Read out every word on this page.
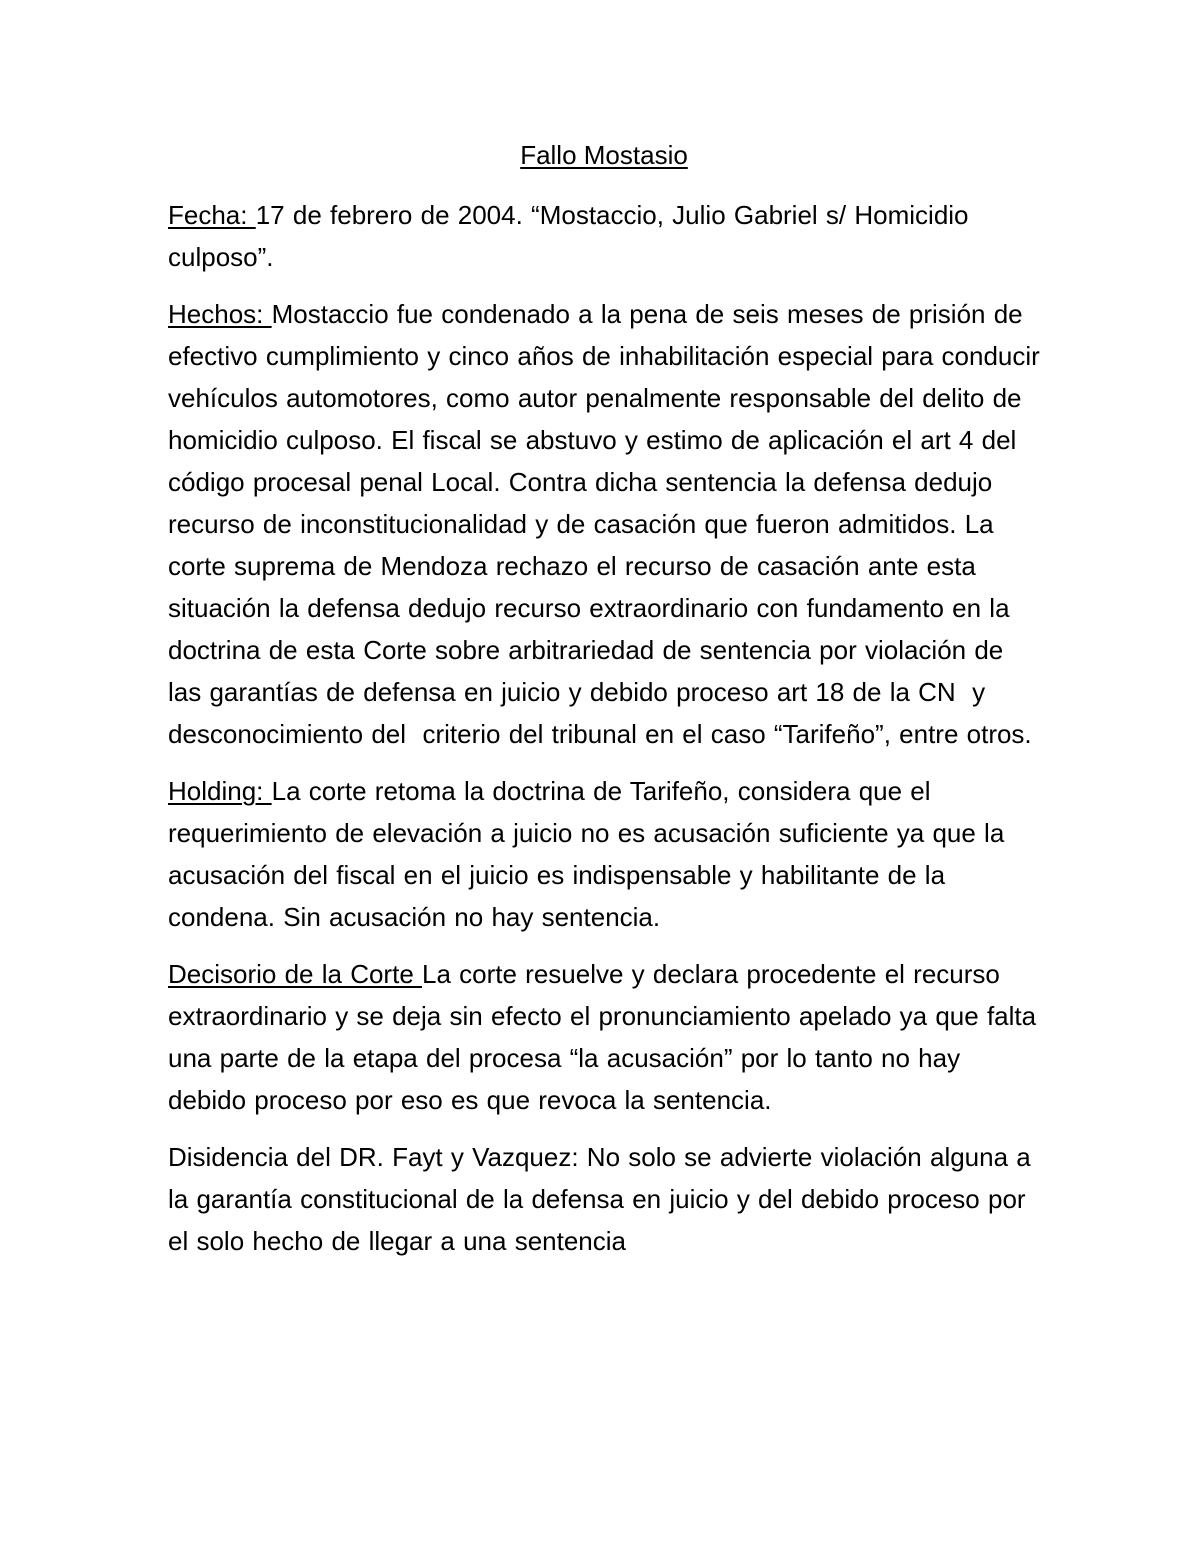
Fallo Mostasio

Fecha: 17 de febrero de 2004. “Mostaccio, Julio Gabriel s/ Homicidio culposo”.

Hechos: Mostaccio fue condenado a la pena de seis meses de prisión de efectivo cumplimiento y cinco años de inhabilitación especial para conducir vehículos automotores, como autor penalmente responsable del delito de homicidio culposo. El fiscal se abstuvo y estimo de aplicación el art 4 del código procesal penal Local. Contra dicha sentencia la defensa dedujo recurso de inconstitucionalidad y de casación que fueron admitidos. La corte suprema de Mendoza rechazo el recurso de casación ante esta situación la defensa dedujo recurso extraordinario con fundamento en la doctrina de esta Corte sobre arbitrariedad de sentencia por violación de las garantías de defensa en juicio y debido proceso art 18 de la CN  y desconocimiento del  criterio del tribunal en el caso “Tarifeño”, entre otros.

Holding: La corte retoma la doctrina de Tarifeño, considera que el requerimiento de elevación a juicio no es acusación suficiente ya que la acusación del fiscal en el juicio es indispensable y habilitante de la condena. Sin acusación no hay sentencia.

Decisorio de la Corte La corte resuelve y declara procedente el recurso extraordinario y se deja sin efecto el pronunciamiento apelado ya que falta una parte de la etapa del procesa “la acusación” por lo tanto no hay debido proceso por eso es que revoca la sentencia.

Disidencia del DR. Fayt y Vazquez: No solo se advierte violación alguna a la garantía constitucional de la defensa en juicio y del debido proceso por el solo hecho de llegar a una sentencia
